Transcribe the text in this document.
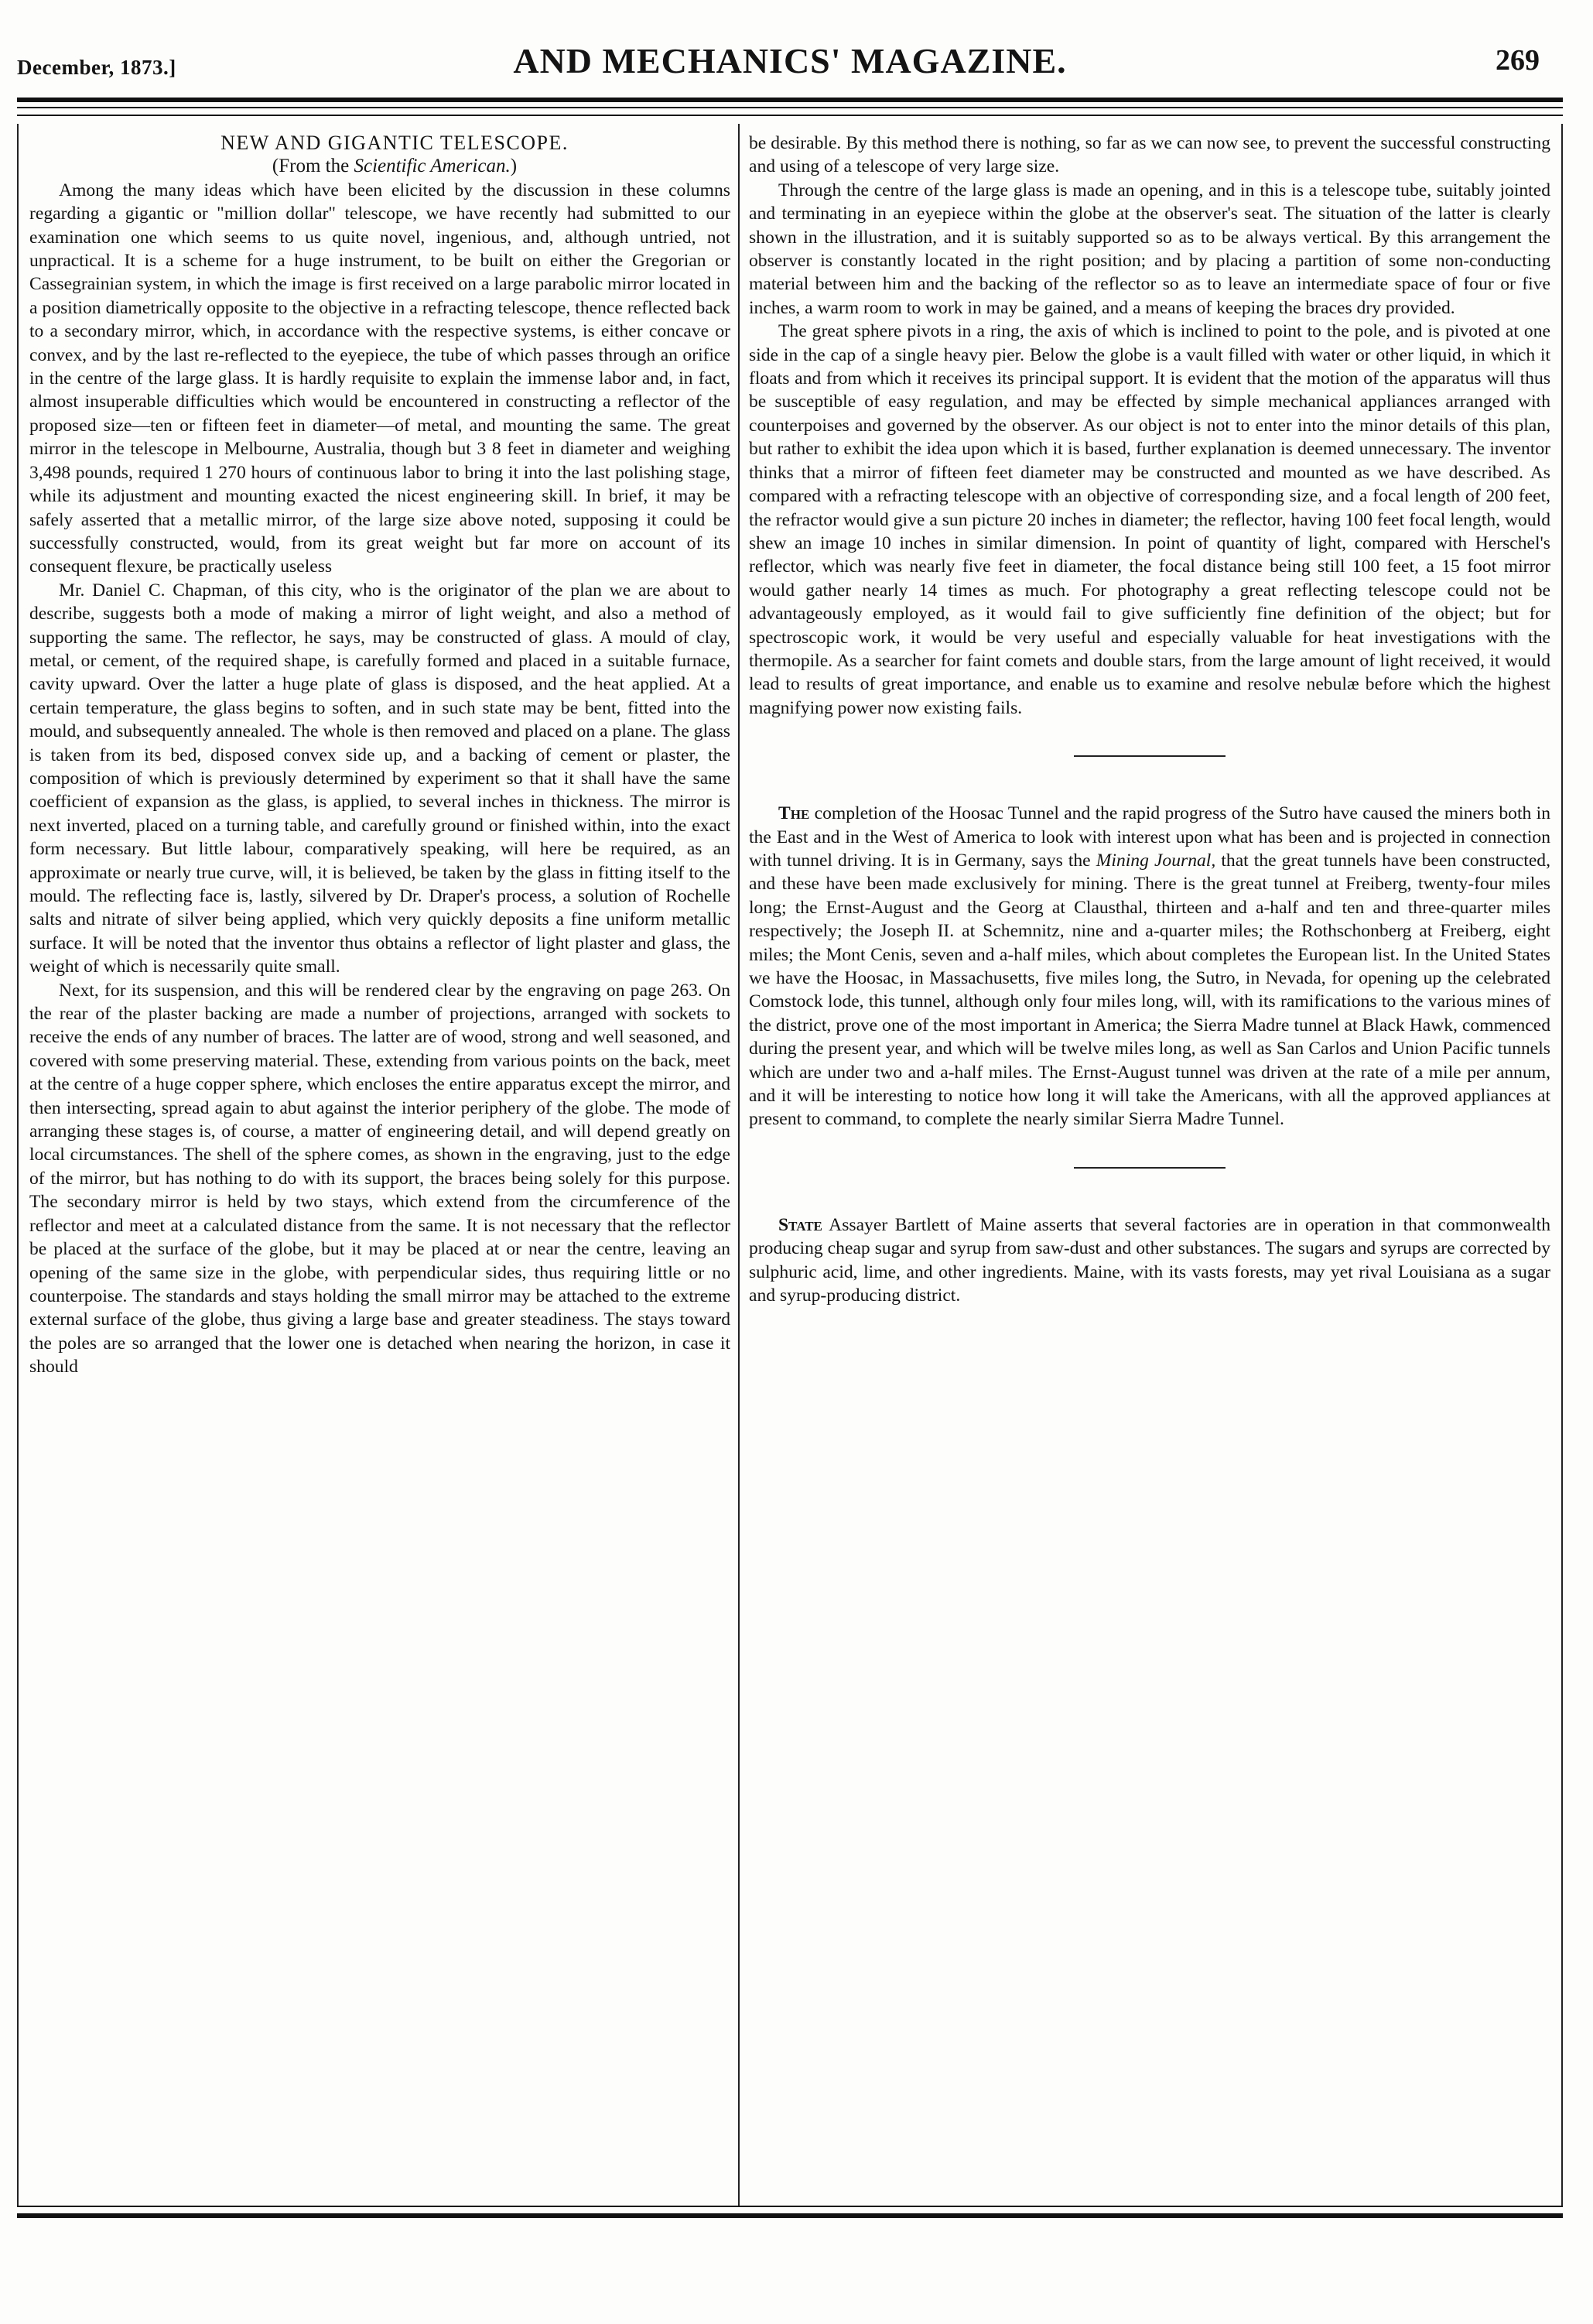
December, 1873.]	AND MECHANICS' MAGAZINE.	269

NEW AND GIGANTIC TELESCOPE.

(From the Scientific American.)

Among the many ideas which have been elicited by the discussion in these columns regarding a gigantic or "million dollar" telescope, we have recently had submitted to our examination one which seems to us quite novel, ingenious, and, although untried, not unpractical. It is a scheme for a huge instrument, to be built on either the Gregorian or Cassegrainian system, in which the image is first received on a large parabolic mirror located in a position diametrically opposite to the objective in a refracting telescope, thence reflected back to a secondary mirror, which, in accordance with the respective systems, is either concave or convex, and by the last re-reflected to the eyepiece, the tube of which passes through an orifice in the centre of the large glass. It is hardly requisite to explain the immense labor and, in fact, almost insuperable difficulties which would be encountered in constructing a reflector of the proposed size—ten or fifteen feet in diameter—of metal, and mounting the same. The great mirror in the telescope in Melbourne, Australia, though but 3 8 feet in diameter and weighing 3,498 pounds, required 1 270 hours of continuous labor to bring it into the last polishing stage, while its adjustment and mounting exacted the nicest engineering skill. In brief, it may be safely asserted that a metallic mirror, of the large size above noted, supposing it could be successfully constructed, would, from its great weight but far more on account of its consequent flexure, be practically useless

Mr. Daniel C. Chapman, of this city, who is the originator of the plan we are about to describe, suggests both a mode of making a mirror of light weight, and also a method of supporting the same. The reflector, he says, may be constructed of glass. A mould of clay, metal, or cement, of the required shape, is carefully formed and placed in a suitable furnace, cavity upward. Over the latter a huge plate of glass is disposed, and the heat applied. At a certain temperature, the glass begins to soften, and in such state may be bent, fitted into the mould, and subsequently annealed. The whole is then removed and placed on a plane. The glass is taken from its bed, disposed convex side up, and a backing of cement or plaster, the composition of which is previously determined by experiment so that it shall have the same coefficient of expansion as the glass, is applied, to several inches in thickness. The mirror is next inverted, placed on a turning table, and carefully ground or finished within, into the exact form necessary. But little labour, comparatively speaking, will here be required, as an approximate or nearly true curve, will, it is believed, be taken by the glass in fitting itself to the mould. The reflecting face is, lastly, silvered by Dr. Draper's process, a solution of Rochelle salts and nitrate of silver being applied, which very quickly deposits a fine uniform metallic surface. It will be noted that the inventor thus obtains a reflector of light plaster and glass, the weight of which is necessarily quite small.

Next, for its suspension, and this will be rendered clear by the engraving on page 263. On the rear of the plaster backing are made a number of projections, arranged with sockets to receive the ends of any number of braces. The latter are of wood, strong and well seasoned, and covered with some preserving material. These, extending from various points on the back, meet at the centre of a huge copper sphere, which encloses the entire apparatus except the mirror, and then intersecting, spread again to abut against the interior periphery of the globe. The mode of arranging these stages is, of course, a matter of engineering detail, and will depend greatly on local circumstances. The shell of the sphere comes, as shown in the engraving, just to the edge of the mirror, but has nothing to do with its support, the braces being solely for this purpose. The secondary mirror is held by two stays, which extend from the circumference of the reflector and meet at a calculated distance from the same. It is not necessary that the reflector be placed at the surface of the globe, but it may be placed at or near the centre, leaving an opening of the same size in the globe, with perpendicular sides, thus requiring little or no counterpoise. The standards and stays holding the small mirror may be attached to the extreme external surface of the globe, thus giving a large base and greater steadiness. The stays toward the poles are so arranged that the lower one is detached when nearing the horizon, in case it should

be desirable. By this method there is nothing, so far as we can now see, to prevent the successful constructing and using of a telescope of very large size.

Through the centre of the large glass is made an opening, and in this is a telescope tube, suitably jointed and terminating in an eyepiece within the globe at the observer's seat. The situation of the latter is clearly shown in the illustration, and it is suitably supported so as to be always vertical. By this arrangement the observer is constantly located in the right position; and by placing a partition of some non-conducting material between him and the backing of the reflector so as to leave an intermediate space of four or five inches, a warm room to work in may be gained, and a means of keeping the braces dry provided.

The great sphere pivots in a ring, the axis of which is inclined to point to the pole, and is pivoted at one side in the cap of a single heavy pier. Below the globe is a vault filled with water or other liquid, in which it floats and from which it receives its principal support. It is evident that the motion of the apparatus will thus be susceptible of easy regulation, and may be effected by simple mechanical appliances arranged with counterpoises and governed by the observer. As our object is not to enter into the minor details of this plan, but rather to exhibit the idea upon which it is based, further explanation is deemed unnecessary. The inventor thinks that a mirror of fifteen feet diameter may be constructed and mounted as we have described. As compared with a refracting telescope with an objective of corresponding size, and a focal length of 200 feet, the refractor would give a sun picture 20 inches in diameter; the reflector, having 100 feet focal length, would shew an image 10 inches in similar dimension. In point of quantity of light, compared with Herschel's reflector, which was nearly five feet in diameter, the focal distance being still 100 feet, a 15 foot mirror would gather nearly 14 times as much. For photography a great reflecting telescope could not be advantageously employed, as it would fail to give sufficiently fine definition of the object; but for spectroscopic work, it would be very useful and especially valuable for heat investigations with the thermopile. As a searcher for faint comets and double stars, from the large amount of light received, it would lead to results of great importance, and enable us to examine and resolve nebulæ before which the highest magnifying power now existing fails.

The completion of the Hoosac Tunnel and the rapid progress of the Sutro have caused the miners both in the East and in the West of America to look with interest upon what has been and is projected in connection with tunnel driving. It is in Germany, says the Mining Journal, that the great tunnels have been constructed, and these have been made exclusively for mining. There is the great tunnel at Freiberg, twenty-four miles long; the Ernst-August and the Georg at Clausthal, thirteen and a-half and ten and three-quarter miles respectively; the Joseph II. at Schemnitz, nine and a-quarter miles; the Rothschonberg at Freiberg, eight miles; the Mont Cenis, seven and a-half miles, which about completes the European list. In the United States we have the Hoosac, in Massachusetts, five miles long, the Sutro, in Nevada, for opening up the celebrated Comstock lode, this tunnel, although only four miles long, will, with its ramifications to the various mines of the district, prove one of the most important in America; the Sierra Madre tunnel at Black Hawk, commenced during the present year, and which will be twelve miles long, as well as San Carlos and Union Pacific tunnels which are under two and a-half miles. The Ernst-August tunnel was driven at the rate of a mile per annum, and it will be interesting to notice how long it will take the Americans, with all the approved appliances at present to command, to complete the nearly similar Sierra Madre Tunnel.

State Assayer Bartlett of Maine asserts that several factories are in operation in that commonwealth producing cheap sugar and syrup from saw-dust and other substances. The sugars and syrups are corrected by sulphuric acid, lime, and other ingredients. Maine, with its vasts forests, may yet rival Louisiana as a sugar and syrup-producing district.
